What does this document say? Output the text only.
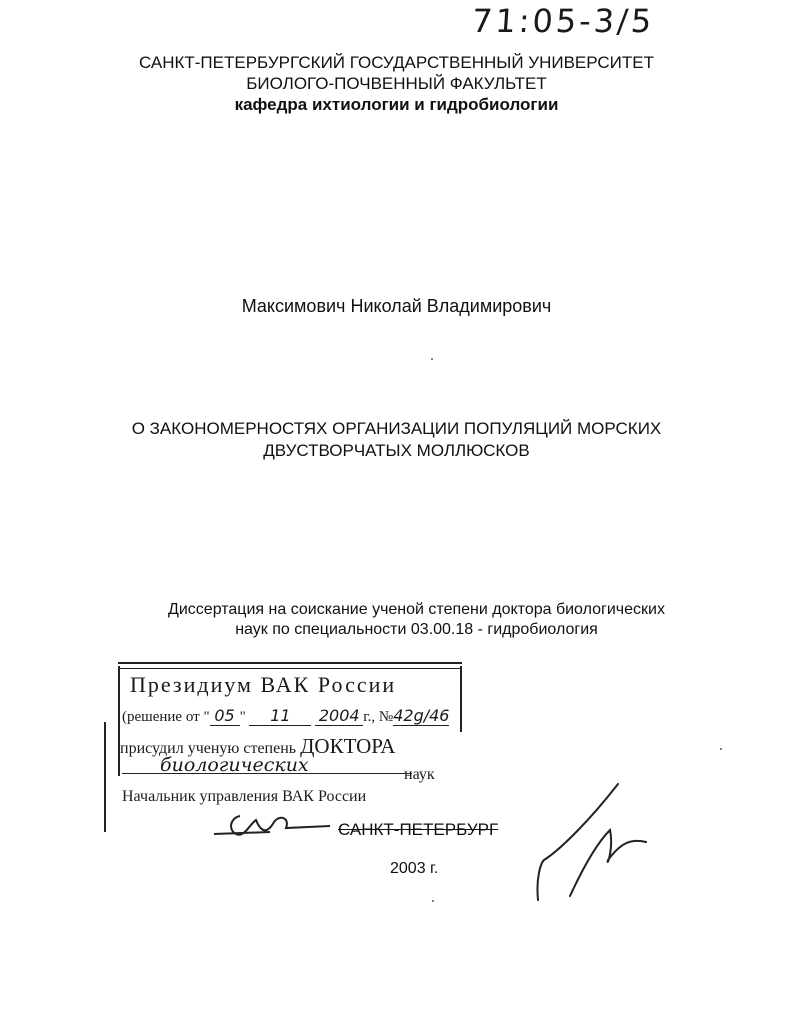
71:05-3/5
САНКТ-ПЕТЕРБУРГСКИЙ ГОСУДАРСТВЕННЫЙ УНИВЕРСИТЕТ
БИОЛОГО-ПОЧВЕННЫЙ ФАКУЛЬТЕТ
кафедра ихтиологии и гидробиологии
Максимович Николай Владимирович
О ЗАКОНОМЕРНОСТЯХ ОРГАНИЗАЦИИ ПОПУЛЯЦИЙ МОРСКИХ
ДВУСТВОРЧАТЫХ МОЛЛЮСКОВ
Диссертация на соискание ученой степени доктора биологических
наук по специальности 03.00.18 - гидробиология
Президиум ВАК России
(решение от " 05 " 11 2004 г., №42g/46
присудил ученую степень ДОКТОРА
биологических	наук
Начальник управления ВАК России
САНКТ-ПЕТЕРБУРГ
2003 г.
